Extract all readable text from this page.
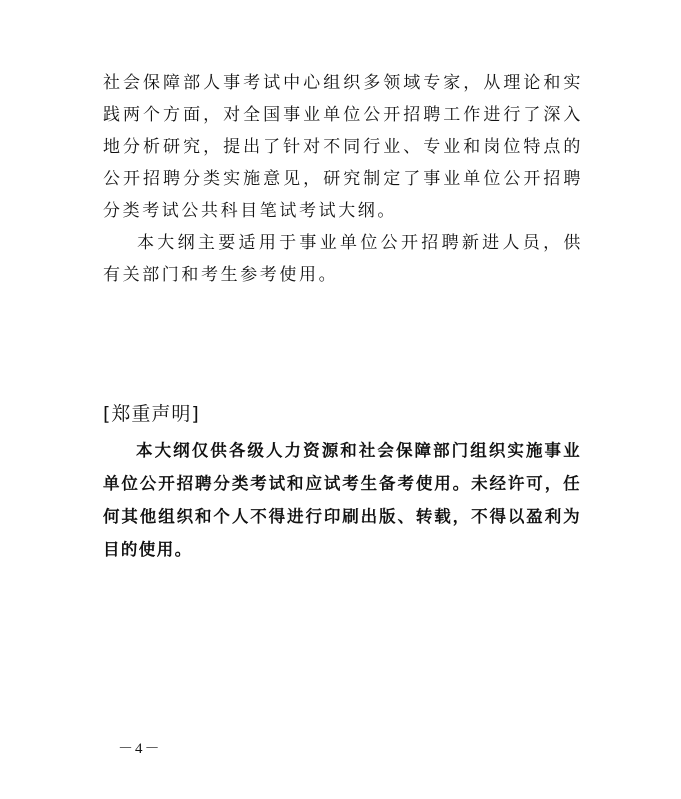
社会保障部人事考试中心组织多领域专家，从理论和实践两个方面，对全国事业单位公开招聘工作进行了深入地分析研究，提出了针对不同行业、专业和岗位特点的公开招聘分类实施意见，研究制定了事业单位公开招聘分类考试公共科目笔试考试大纲。

本大纲主要适用于事业单位公开招聘新进人员，供有关部门和考生参考使用。

[郑重声明]

本大纲仅供各级人力资源和社会保障部门组织实施事业单位公开招聘分类考试和应试考生备考使用。未经许可，任何其他组织和个人不得进行印刷出版、转载，不得以盈利为目的使用。

－4－
